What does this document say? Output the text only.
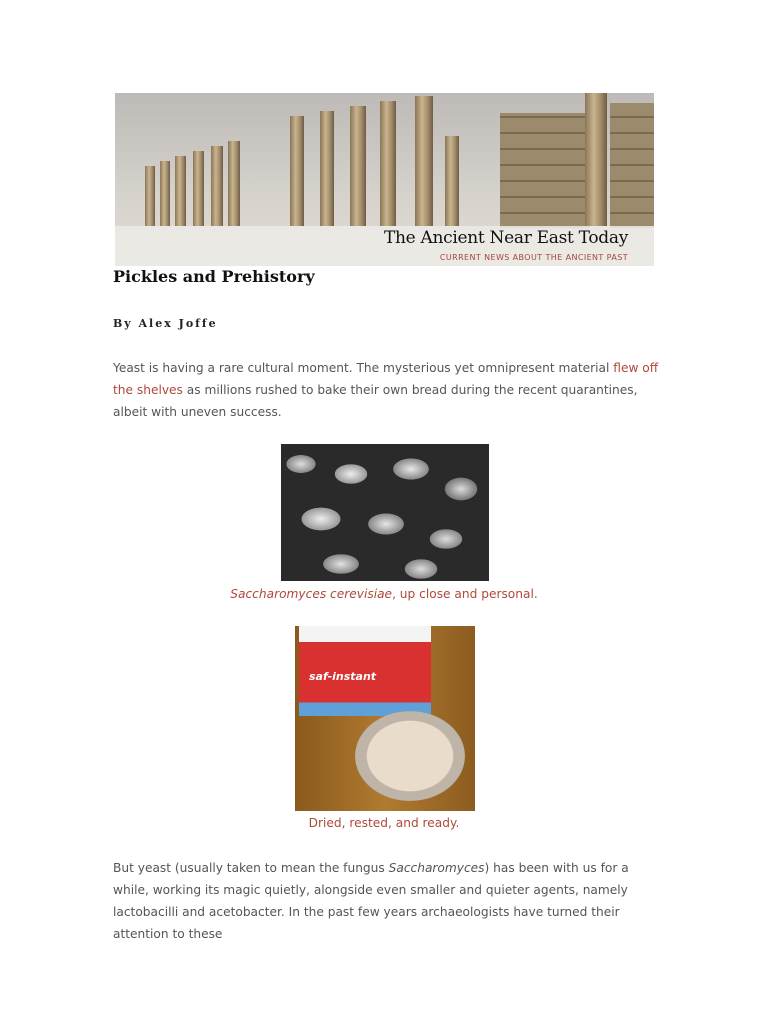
The Ancient Near East Today
CURRENT NEWS ABOUT THE ANCIENT PAST
Pickles and Prehistory
By Alex Joffe

Yeast is having a rare cultural moment. The mysterious yet omnipresent material flew off the shelves as millions rushed to bake their own bread during the recent quarantines, albeit with uneven success.

Saccharomyces cerevisiae, up close and personal.
saf-instant
Dried, rested, and ready.

But yeast (usually taken to mean the fungus Saccharomyces) has been with us for a while, working its magic quietly, alongside even smaller and quieter agents, namely lactobacilli and acetobacter. In the past few years archaeologists have turned their attention to these
